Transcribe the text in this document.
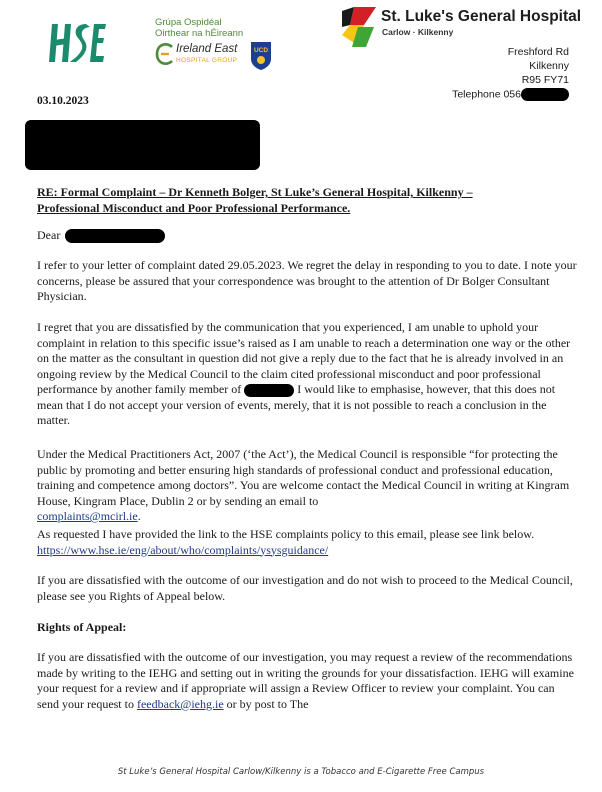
Grúpa Ospidéal
Oirthear na hÉireann
Ireland East
HOSPITAL GROUP
UCD
St. Luke's General Hospital
Carlow · Kilkenny
Freshford Rd
Kilkenny
R95 FY71
Telephone 056
03.10.2023
RE: Formal Complaint – Dr Kenneth Bolger, St Luke’s General Hospital, Kilkenny –
Professional Misconduct and Poor Professional Performance.
Dear

I refer to your letter of complaint dated 29.05.2023. We regret the delay in responding to you to date. I note your concerns, please be assured that your correspondence was brought to the attention of Dr Bolger Consultant Physician.

I regret that you are dissatisfied by the communication that you experienced, I am unable to uphold your complaint in relation to this specific issue’s raised as I am unable to reach a determination one way or the other on the matter as the consultant in question did not give a reply due to the fact that he is already involved in an ongoing review by the Medical Council to the claim cited professional misconduct and poor professional performance by another family member of	I would like to emphasise, however, that this does not mean that I do not accept your version of events, merely, that it is not possible to reach a conclusion in the matter.

Under the Medical Practitioners Act, 2007 (‘the Act’), the Medical Council is responsible “for protecting the public by promoting and better ensuring high standards of professional conduct and professional education, training and competence among doctors”. You are welcome contact the Medical Council in writing at Kingram House, Kingram Place, Dublin 2 or by sending an email to
complaints@mcirl.ie.

As requested I have provided the link to the HSE complaints policy to this email, please see link below.
https://www.hse.ie/eng/about/who/complaints/ysysguidance/

If you are dissatisfied with the outcome of our investigation and do not wish to proceed to the Medical Council, please see you Rights of Appeal below.

Rights of Appeal:

If you are dissatisfied with the outcome of our investigation, you may request a review of the recommendations made by writing to the IEHG and setting out in writing the grounds for your dissatisfaction. IEHG will examine your request for a review and if appropriate will assign a Review Officer to review your complaint. You can send your request to feedback@iehg.ie or by post to The

St Luke’s General Hospital Carlow/Kilkenny is a Tobacco and E-Cigarette Free Campus
